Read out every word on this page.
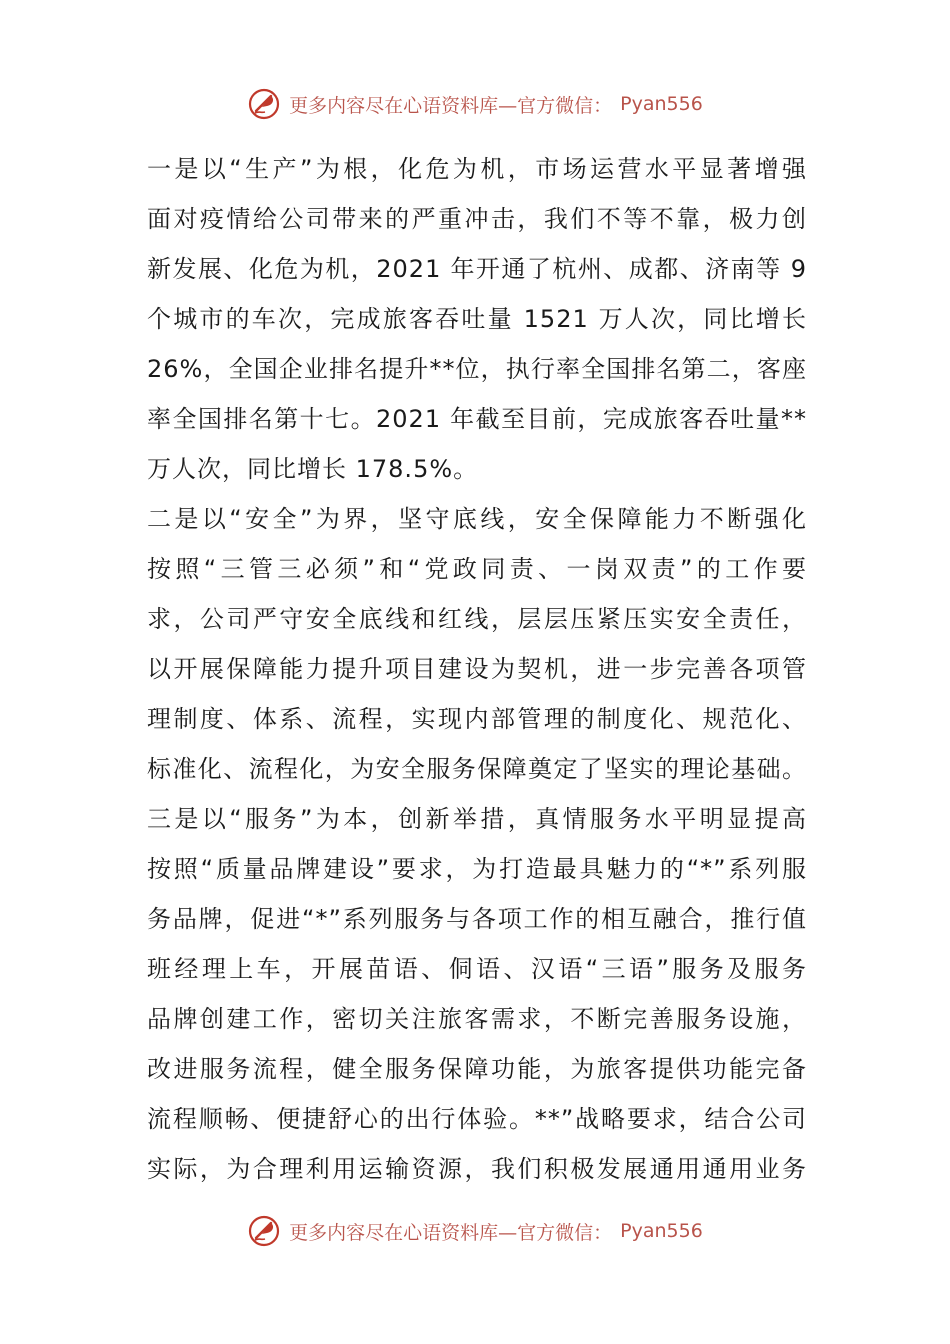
更多内容尽在心语资料库—官方微信： Pyan556
一是以“生产”为根，化危为机，市场运营水平显著增强
面对疫情给公司带来的严重冲击，我们不等不靠，极力创
新发展、化危为机，2021 年开通了杭州、成都、济南等 9
个城市的车次，完成旅客吞吐量 1521 万人次，同比增长
26%，全国企业排名提升**位，执行率全国排名第二，客座
率全国排名第十七。2021 年截至目前，完成旅客吞吐量**
万人次，同比增长 178.5%。
二是以“安全”为界，坚守底线，安全保障能力不断强化
按照“三管三必须”和“党政同责、一岗双责”的工作要
求，公司严守安全底线和红线，层层压紧压实安全责任，
以开展保障能力提升项目建设为契机，进一步完善各项管
理制度、体系、流程，实现内部管理的制度化、规范化、
标准化、流程化，为安全服务保障奠定了坚实的理论基础。
三是以“服务”为本，创新举措，真情服务水平明显提高
按照“质量品牌建设”要求，为打造最具魅力的“*”系列服
务品牌，促进“*”系列服务与各项工作的相互融合，推行值
班经理上车，开展苗语、侗语、汉语“三语”服务及服务
品牌创建工作，密切关注旅客需求，不断完善服务设施，
改进服务流程，健全服务保障功能，为旅客提供功能完备
流程顺畅、便捷舒心的出行体验。**”战略要求，结合公司
实际，为合理利用运输资源，我们积极发展通用通用业务
更多内容尽在心语资料库—官方微信： Pyan556
